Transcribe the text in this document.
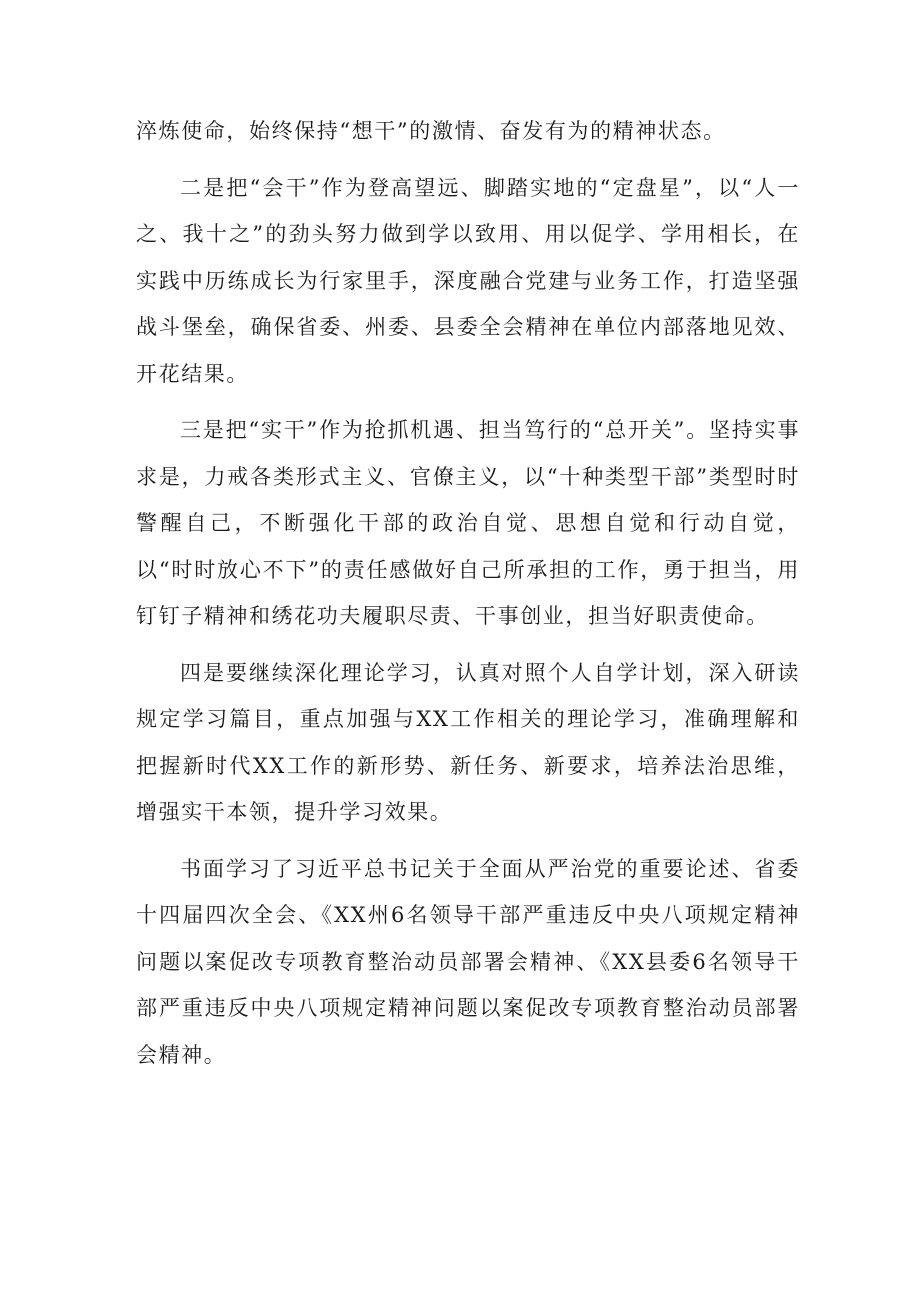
淬炼使命，始终保持“想干”的激情、奋发有为的精神状态。

二是把“会干”作为登高望远、脚踏实地的“定盘星”，以“人一之、我十之”的劲头努力做到学以致用、用以促学、学用相长，在实践中历练成长为行家里手，深度融合党建与业务工作，打造坚强战斗堡垒，确保省委、州委、县委全会精神在单位内部落地见效、开花结果。

三是把“实干”作为抢抓机遇、担当笃行的“总开关”。坚持实事求是，力戒各类形式主义、官僚主义，以“十种类型干部”类型时时警醒自己，不断强化干部的政治自觉、思想自觉和行动自觉，以“时时放心不下”的责任感做好自己所承担的工作，勇于担当，用钉钉子精神和绣花功夫履职尽责、干事创业，担当好职责使命。

四是要继续深化理论学习，认真对照个人自学计划，深入研读规定学习篇目，重点加强与XX工作相关的理论学习，准确理解和把握新时代XX工作的新形势、新任务、新要求，培养法治思维，增强实干本领，提升学习效果。

书面学习了习近平总书记关于全面从严治党的重要论述、省委十四届四次全会、《XX州6名领导干部严重违反中央八项规定精神问题以案促改专项教育整治动员部署会精神、《XX县委6名领导干部严重违反中央八项规定精神问题以案促改专项教育整治动员部署会精神。
